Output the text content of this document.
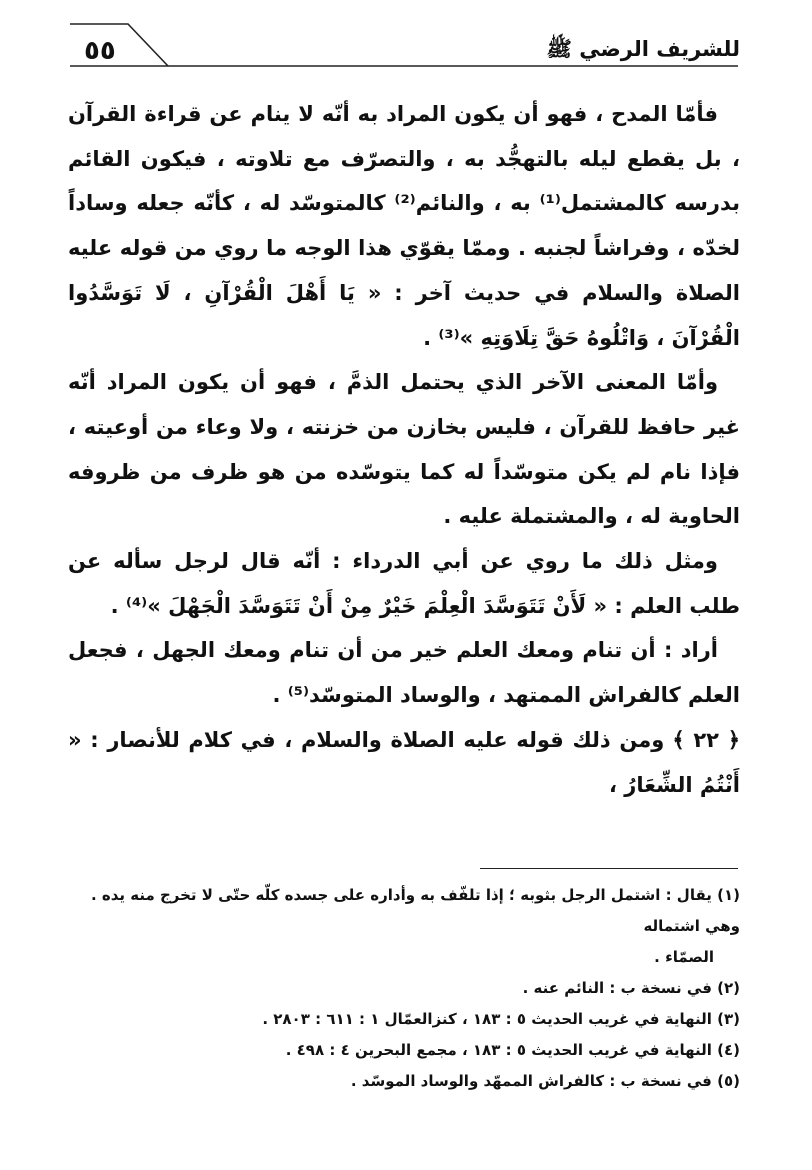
٥٥	للشريف الرضي ﷺ

فأمّا المدح ، فهو أن يكون المراد به أنّه لا ينام عن قراءة القرآن ، بل يقطع ليله بالتهجُّد به ، والتصرّف مع تلاوته ، فيكون القائم بدرسه كالمشتمل⁽¹⁾ به ، والنائم⁽²⁾ كالمتوسّد له ، كأنّه جعله وساداً لخدّه ، وفراشاً لجنبه . وممّا يقوّي هذا الوجه ما روي من قوله عليه الصلاة والسلام في حديث آخر : « يَا أَهْلَ الْقُرْآنِ ، لَا تَوَسَّدُوا الْقُرْآنَ ، وَاتْلُوهُ حَقَّ تِلَاوَتِهِ »⁽³⁾ .

وأمّا المعنى الآخر الذي يحتمل الذمَّ ، فهو أن يكون المراد أنّه غير حافظ للقرآن ، فليس بخازن من خزنته ، ولا وعاء من أوعيته ، فإذا نام لم يكن متوسّداً له كما يتوسّده من هو ظرف من ظروفه الحاوية له ، والمشتملة عليه .

ومثل ذلك ما روي عن أبي الدرداء : أنّه قال لرجل سأله عن طلب العلم : « لَأَنْ تَتَوَسَّدَ الْعِلْمَ خَيْرٌ مِنْ أَنْ تَتَوَسَّدَ الْجَهْلَ »⁽⁴⁾ .

أراد : أن تنام ومعك العلم خير من أن تنام ومعك الجهل ، فجعل العلم كالفراش الممتهد ، والوساد المتوسّد⁽⁵⁾ .

﴿ ٢٢ ﴾ومن ذلك قوله عليه الصلاة والسلام ، في كلام للأنصار : « أَنْتُمُ الشِّعَارُ ،

(١) يقال : اشتمل الرجل بثوبه ؛ إذا تلفّف به وأداره على جسده كلّه حتّى لا تخرج منه يده . وهي اشتماله
الصمّاء .

(٢) في نسخة ب : النائم عنه .

(٣) النهاية في غريب الحديث ٥ : ١٨٣ ، كنزالعمّال ١ : ٦١١ : ٢٨٠٣ .

(٤) النهاية في غريب الحديث ٥ : ١٨٣ ، مجمع البحرين ٤ : ٤٩٨ .

(٥) في نسخة ب : كالفراش الممهّد والوساد الموسّد .
